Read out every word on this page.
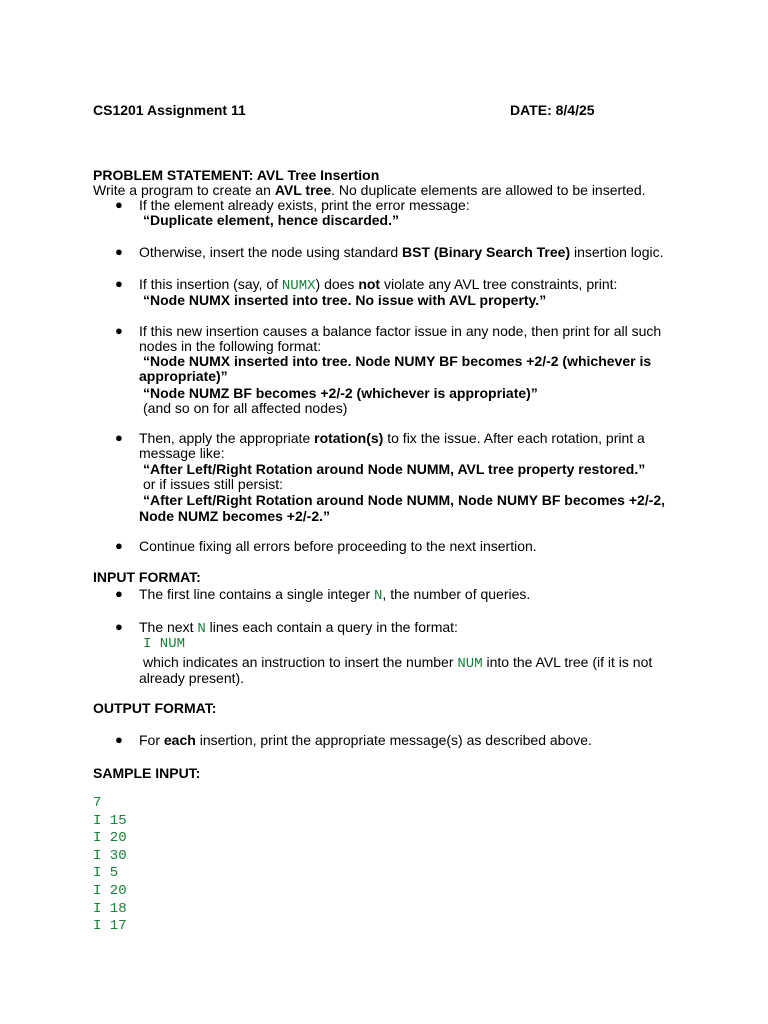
CS1201 Assignment 11	DATE: 8/4/25
PROBLEM STATEMENT: AVL Tree Insertion
Write a program to create an AVL tree. No duplicate elements are allowed to be inserted.
● If the element already exists, print the error message:
“Duplicate element, hence discarded.”
● Otherwise, insert the node using standard BST (Binary Search Tree) insertion logic.
● If this insertion (say, of NUMX) does not violate any AVL tree constraints, print:
“Node NUMX inserted into tree. No issue with AVL property.”
● If this new insertion causes a balance factor issue in any node, then print for all such
nodes in the following format:
“Node NUMX inserted into tree. Node NUMY BF becomes +2/-2 (whichever is
appropriate)”
“Node NUMZ BF becomes +2/-2 (whichever is appropriate)”
(and so on for all affected nodes)
● Then, apply the appropriate rotation(s) to fix the issue. After each rotation, print a
message like:
“After Left/Right Rotation around Node NUMM, AVL tree property restored.”
or if issues still persist:
“After Left/Right Rotation around Node NUMM, Node NUMY BF becomes +2/-2,
Node NUMZ becomes +2/-2.”
● Continue fixing all errors before proceeding to the next insertion.
INPUT FORMAT:
● The first line contains a single integer N, the number of queries.
● The next N lines each contain a query in the format:
I NUM
which indicates an instruction to insert the number NUM into the AVL tree (if it is not
already present).
OUTPUT FORMAT:
● For each insertion, print the appropriate message(s) as described above.
SAMPLE INPUT:
7
I 15
I 20
I 30
I 5
I 20
I 18
I 17
